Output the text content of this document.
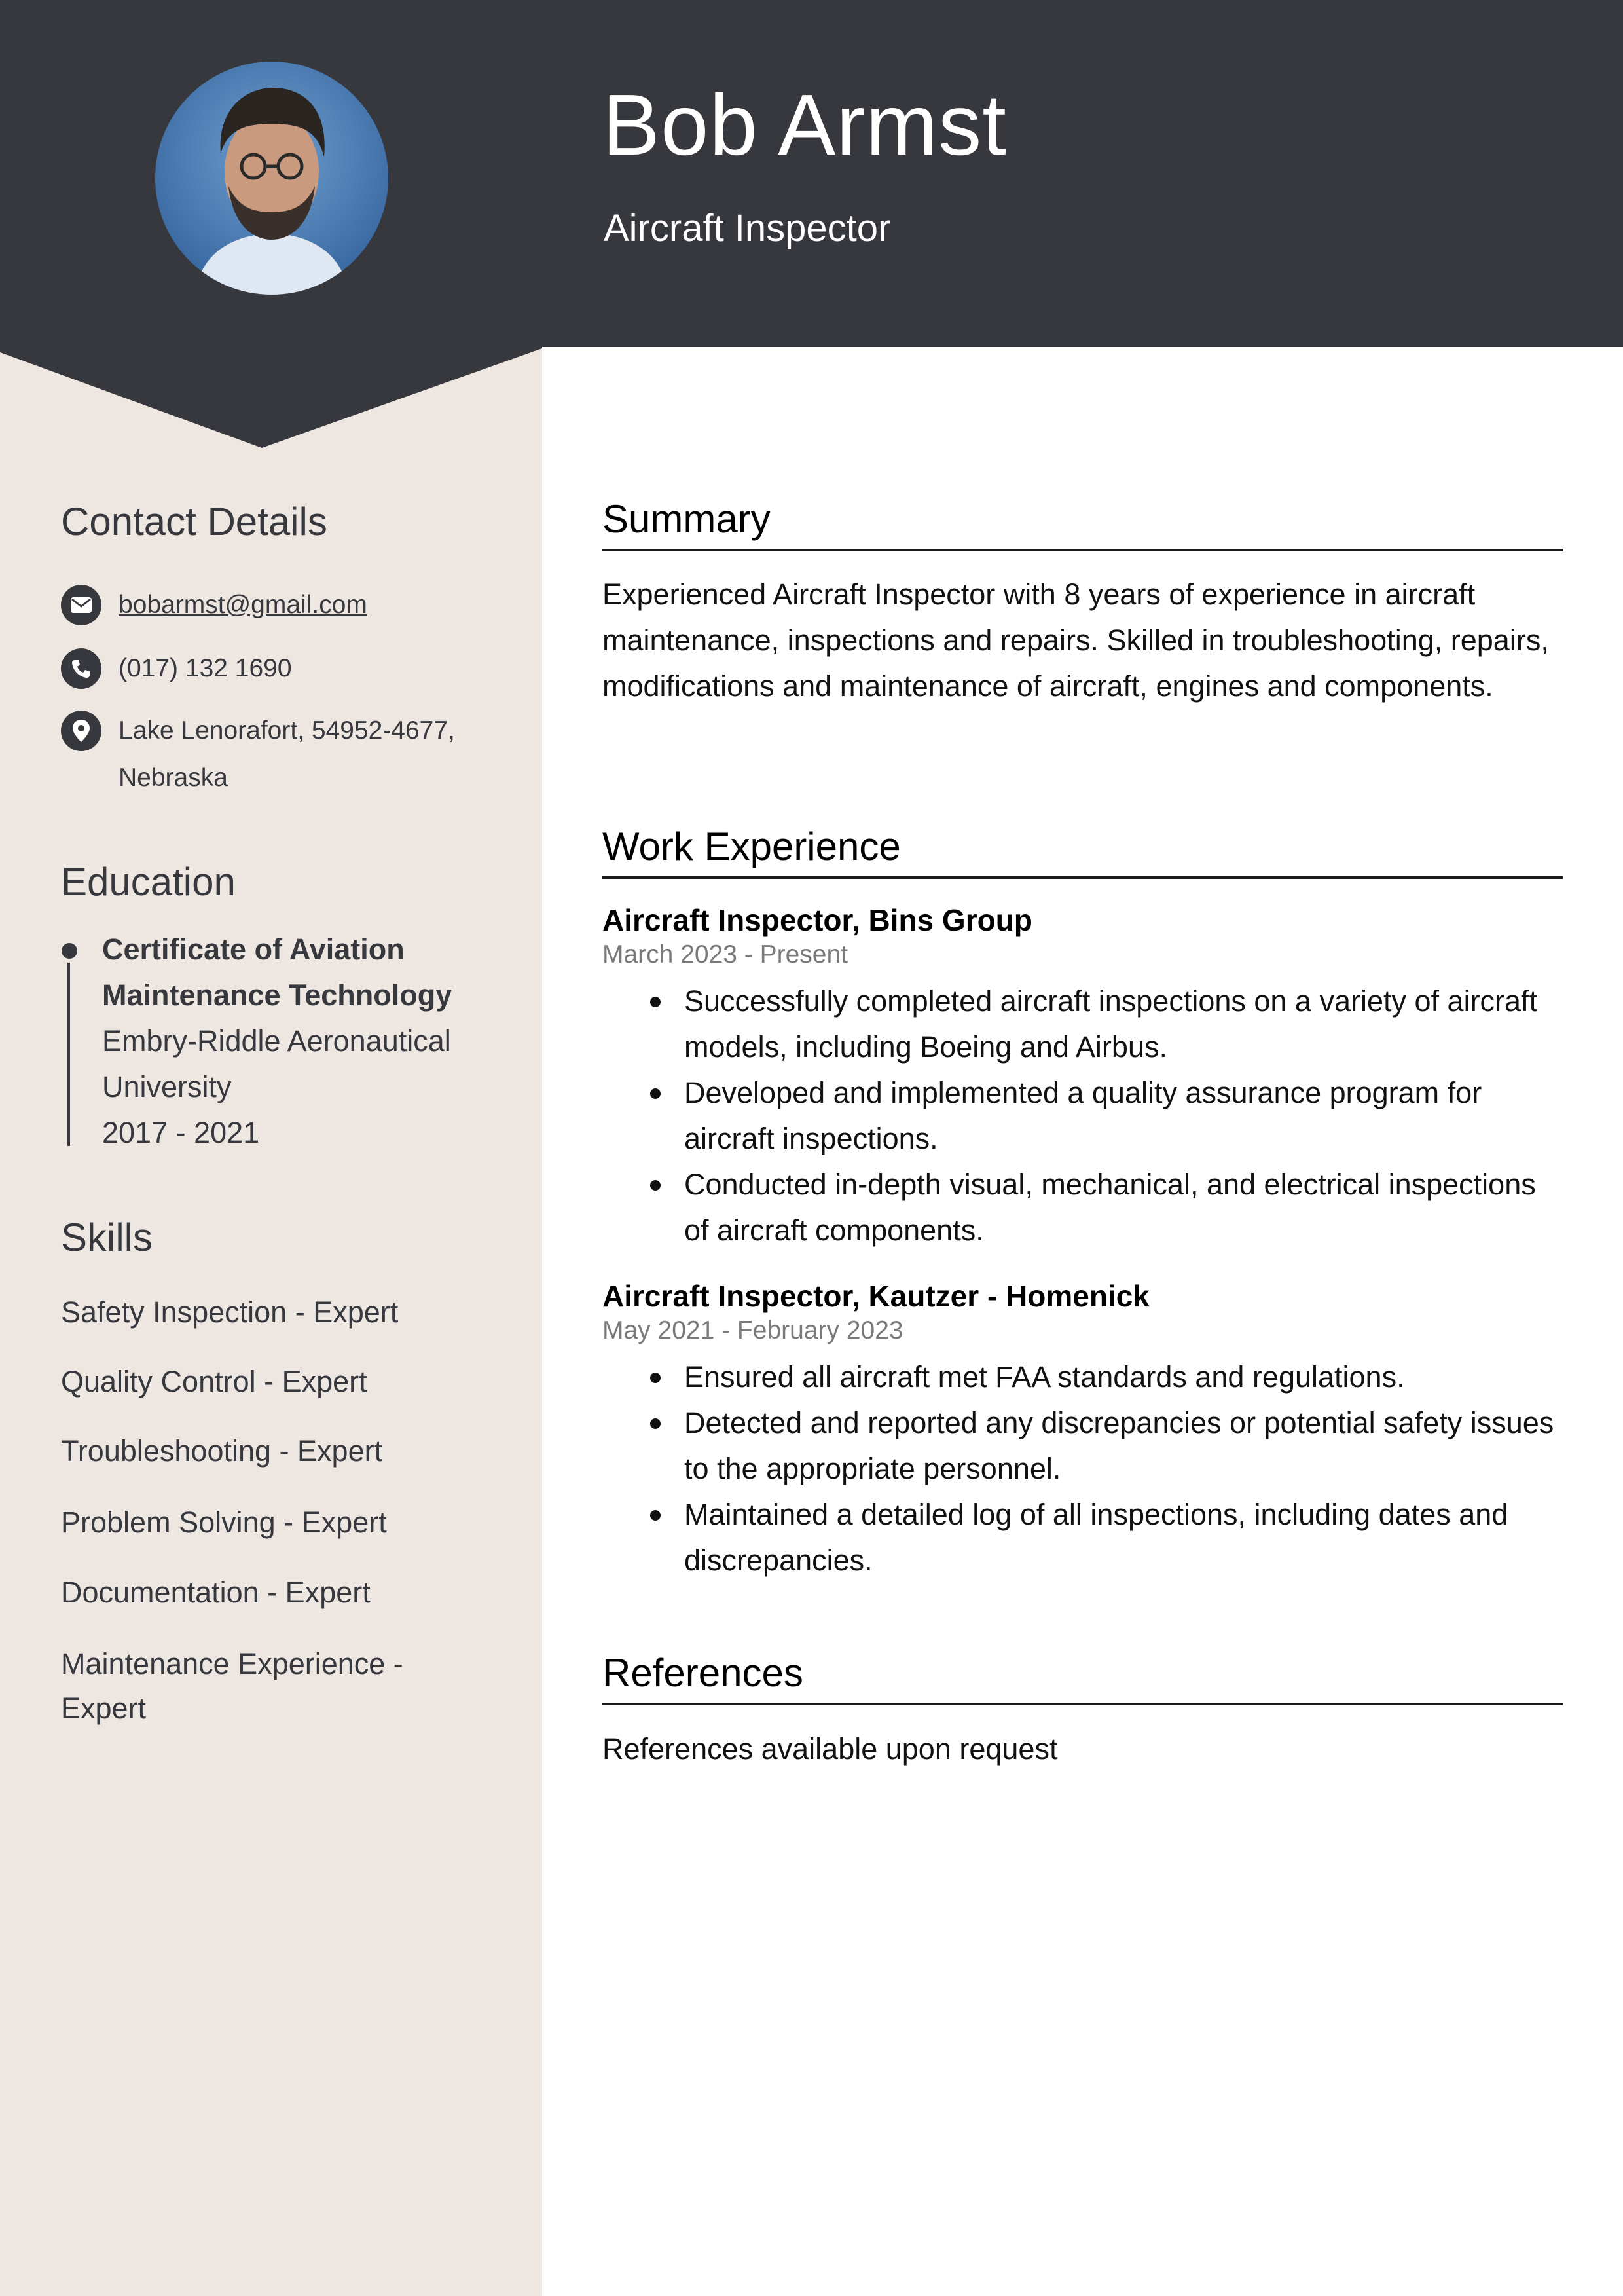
Bob Armst
Aircraft Inspector
Contact Details
bobarmst@gmail.com
(017) 132 1690
Lake Lenorafort, 54952-4677, Nebraska
Education
Certificate of Aviation Maintenance Technology
Embry-Riddle Aeronautical University
2017 - 2021
Skills
Safety Inspection - Expert
Quality Control - Expert
Troubleshooting - Expert
Problem Solving - Expert
Documentation - Expert
Maintenance Experience - Expert
Summary
Experienced Aircraft Inspector with 8 years of experience in aircraft maintenance, inspections and repairs. Skilled in troubleshooting, repairs, modifications and maintenance of aircraft, engines and components.
Work Experience
Aircraft Inspector, Bins Group
March 2023 - Present
Successfully completed aircraft inspections on a variety of aircraft models, including Boeing and Airbus.
Developed and implemented a quality assurance program for aircraft inspections.
Conducted in-depth visual, mechanical, and electrical inspections of aircraft components.
Aircraft Inspector, Kautzer - Homenick
May 2021 - February 2023
Ensured all aircraft met FAA standards and regulations.
Detected and reported any discrepancies or potential safety issues to the appropriate personnel.
Maintained a detailed log of all inspections, including dates and discrepancies.
References
References available upon request
